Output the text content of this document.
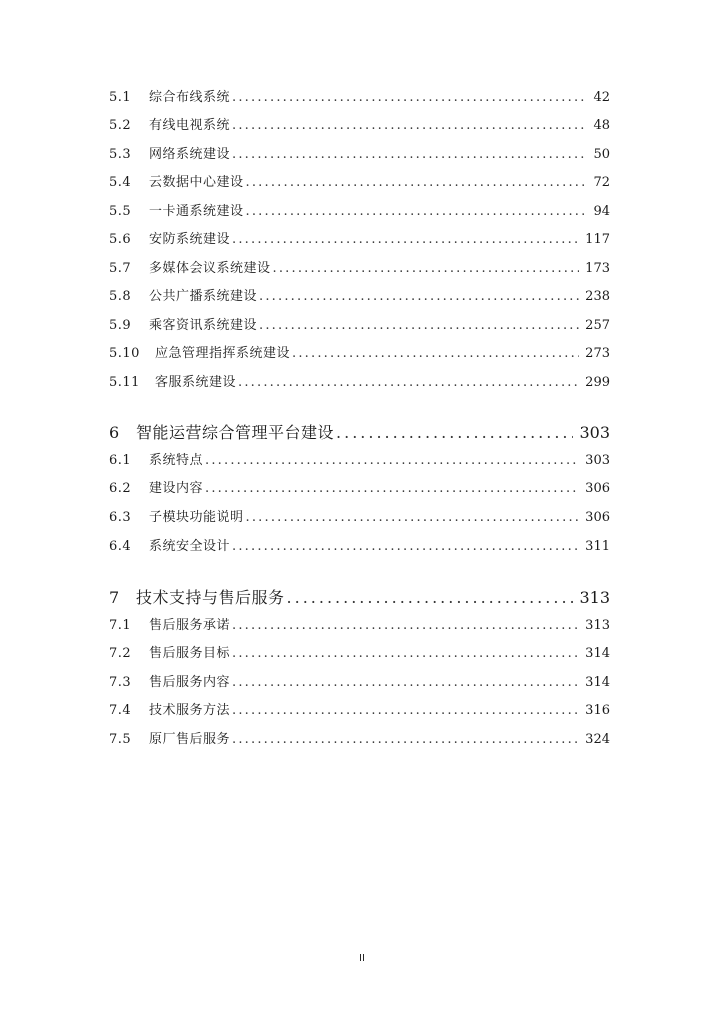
5.1	综合布线系统 .....	42
5.2	有线电视系统 .....	48
5.3	网络系统建设 .....	50
5.4	云数据中心建设 .....	72
5.5	一卡通系统建设 .....	94
5.6	安防系统建设 .....	117
5.7	多媒体会议系统建设 .....	173
5.8	公共广播系统建设 .....	238
5.9	乘客资讯系统建设 .....	257
5.10	应急管理指挥系统建设 .....	273
5.11	客服系统建设 .....	299
6	智能运营综合管理平台建设 .....	303
6.1	系统特点 .....	303
6.2	建设内容 .....	306
6.3	子模块功能说明 .....	306
6.4	系统安全设计 .....	311
7	技术支持与售后服务 .....	313
7.1	售后服务承诺 .....	313
7.2	售后服务目标 .....	314
7.3	售后服务内容 .....	314
7.4	技术服务方法 .....	316
7.5	原厂售后服务 .....	324
II
